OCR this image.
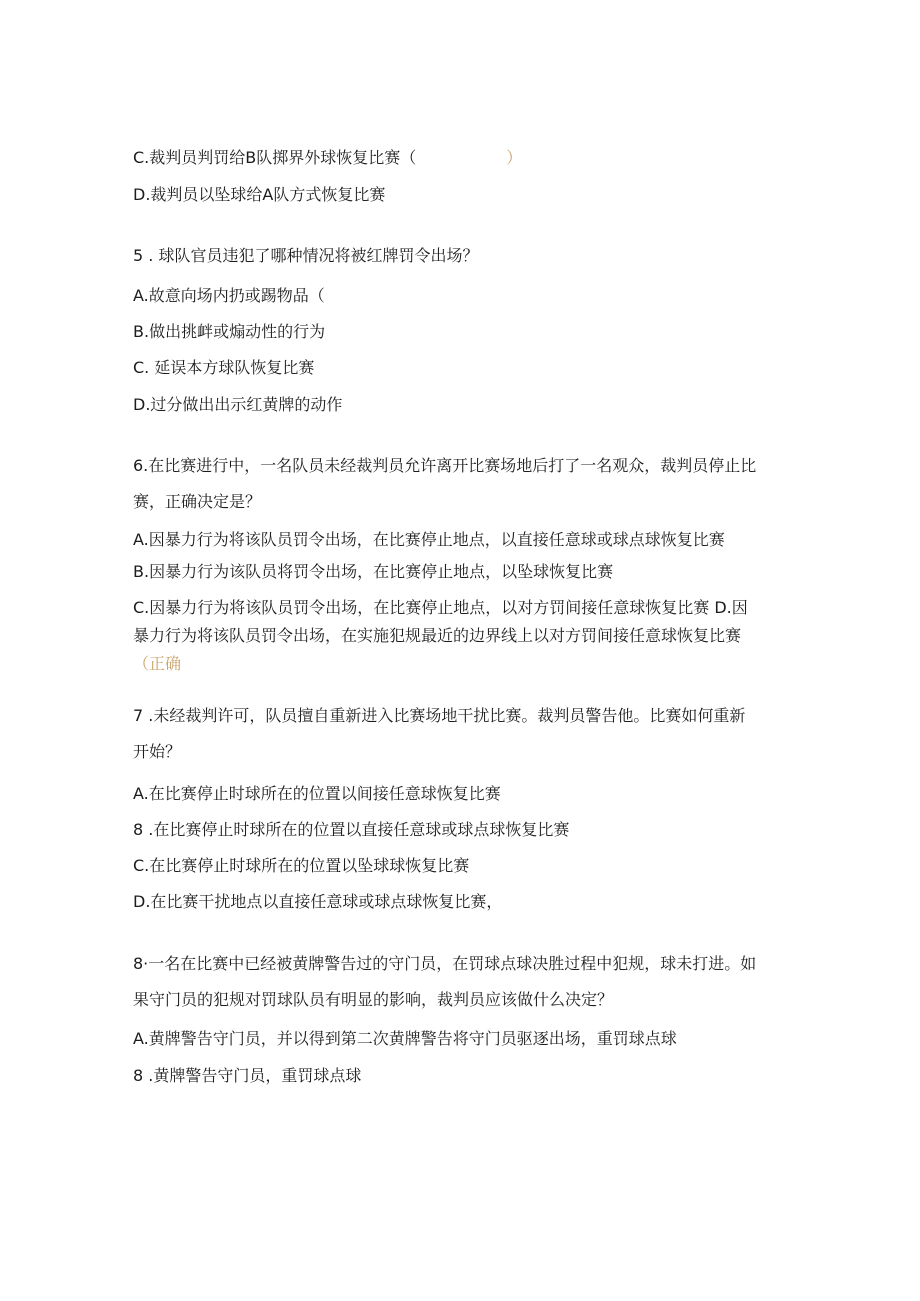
C.裁判员判罚给B队掷界外球恢复比赛（	）
D.裁判员以坠球给A队方式恢复比赛
5 . 球队官员违犯了哪种情况将被红牌罚令出场？
A.故意向场内扔或踢物品（
B.做出挑衅或煽动性的行为
C. 延误本方球队恢复比赛
D.过分做出出示红黄牌的动作
6.在比赛进行中，一名队员未经裁判员允许离开比赛场地后打了一名观众，裁判员停止比
赛，正确决定是？
A.因暴力行为将该队员罚令出场，在比赛停止地点，以直接任意球或球点球恢复比赛
B.因暴力行为该队员将罚令出场，在比赛停止地点，以坠球恢复比赛
C.因暴力行为将该队员罚令出场，在比赛停止地点，以对方罚间接任意球恢复比赛 D.因
暴力行为将该队员罚令出场，在实施犯规最近的边界线上以对方罚间接任意球恢复比赛
（正确
7 .未经裁判许可，队员擅自重新进入比赛场地干扰比赛。裁判员警告他。比赛如何重新
开始？
A.在比赛停止时球所在的位置以间接任意球恢复比赛
8 .在比赛停止时球所在的位置以直接任意球或球点球恢复比赛
C.在比赛停止时球所在的位置以坠球球恢复比赛
D.在比赛干扰地点以直接任意球或球点球恢复比赛，
8·一名在比赛中已经被黄牌警告过的守门员，在罚球点球决胜过程中犯规，球未打进。如
果守门员的犯规对罚球队员有明显的影响，裁判员应该做什么决定？
A.黄牌警告守门员，并以得到第二次黄牌警告将守门员驱逐出场，重罚球点球
8 .黄牌警告守门员，重罚球点球
